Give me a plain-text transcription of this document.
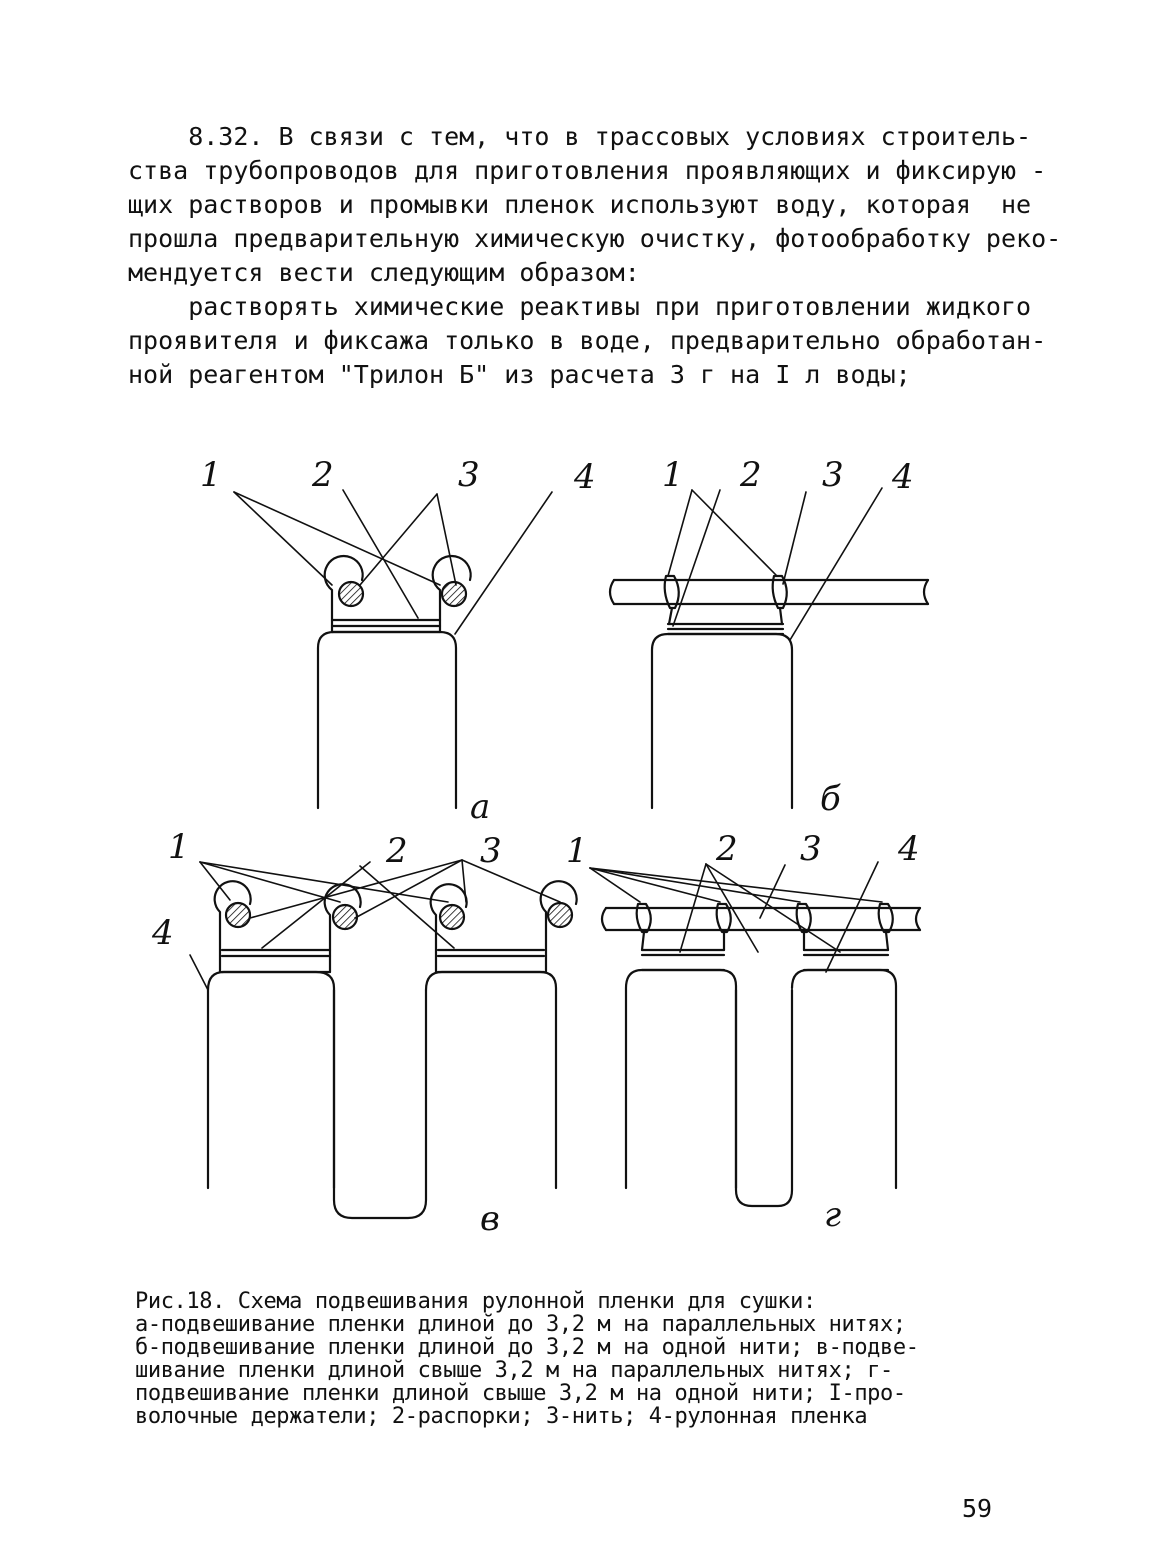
8.32. В связи с тем, что в трассовых условиях строитель-
ства трубопроводов для приготовления проявляющих и фиксирую -
щих растворов и промывки пленок используют воду, которая  не
прошла предварительную химическую очистку, фотообработку реко-
мендуется вести следующим образом:
растворять химические реактивы при приготовлении жидкого
проявителя и фиксажа только в воде, предварительно обработан-
ной реагентом "Трилон Б" из расчета 3 г на I л воды;
1	2	3	4
а
1 2 3 4
б
1	2 3
4
в
1	2 3 4
г
Рис.18. Схема подвешивания рулонной пленки для сушки:
а-подвешивание пленки длиной до 3,2 м на параллельных нитях;
б-подвешивание пленки длиной до 3,2 м на одной нити; в-подве-
шивание пленки длиной свыше 3,2 м на параллельных нитях; г-
подвешивание пленки длиной свыше 3,2 м на одной нити; I-про-
волочные держатели; 2-распорки; 3-нить; 4-рулонная пленка
59
